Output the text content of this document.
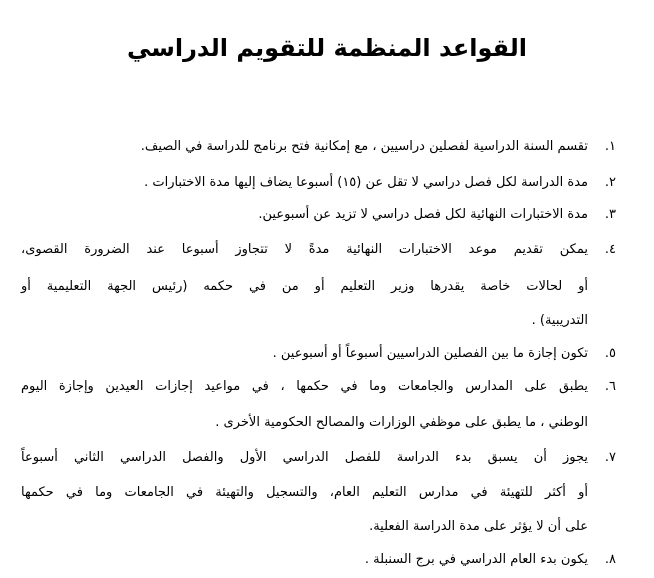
القواعد المنظمة للتقويم الدراسي
١.
تقسم السنة الدراسية لفصلين دراسيين ، مع إمكانية فتح برنامج للدراسة في الصيف.
٢.
مدة الدراسة لكل فصل دراسي لا تقل عن (١٥) أسبوعا يضاف إليها مدة الاختبارات .
٣.
مدة الاختبارات النهائية لكل فصل دراسي لا تزيد عن أسبوعين.
٤.
يمكن تقديم موعد الاختبارات النهائية مدةً لا تتجاوز أسبوعا عند الضرورة القصوى،
أو لحالات خاصة يقدرها وزير التعليم أو من في حكمه (رئيس الجهة التعليمية أو
التدريبية) .
٥.
تكون إجازة ما بين الفصلين الدراسيين أسبوعاً أو أسبوعين .
٦.
يطبق على المدارس والجامعات وما في حكمها ، في مواعيد إجازات العيدين وإجازة اليوم
الوطني ، ما يطبق على موظفي الوزارات والمصالح الحكومية الأخرى .
٧.
يجوز أن يسبق بدء الدراسة للفصل الدراسي الأول والفصل الدراسي الثاني أسبوعاً
أو أكثر للتهيئة في مدارس التعليم العام، والتسجيل والتهيئة في الجامعات وما في حكمها
على أن لا يؤثر على مدة الدراسة الفعلية.
٨.
يكون بدء العام الدراسي في برج السنبلة .
